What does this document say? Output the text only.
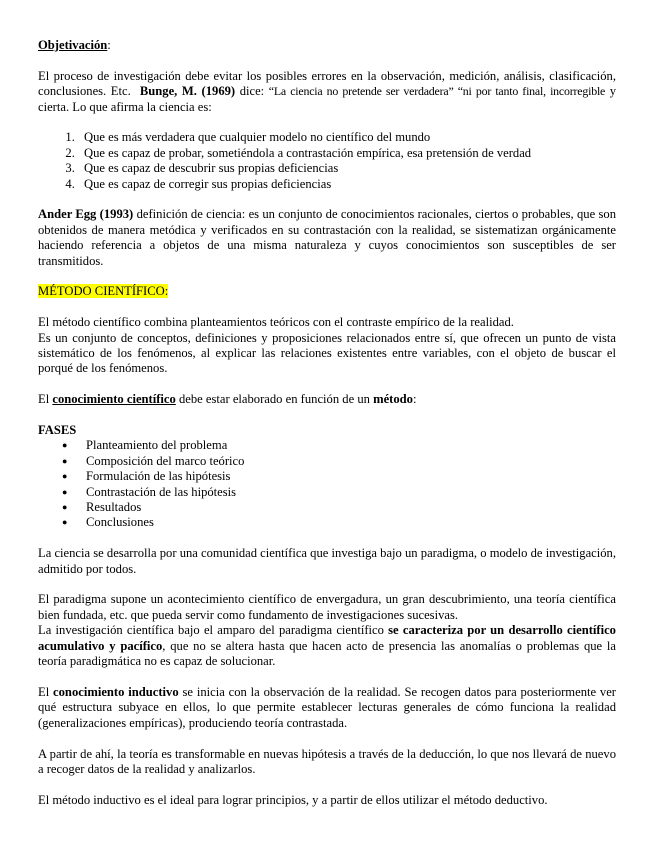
Objetivación:

El proceso de investigación debe evitar los posibles errores en la observación, medición, análisis, clasificación, conclusiones. Etc. Bunge, M. (1969) dice: “La ciencia no pretende ser verdadera” “ni por tanto final, incorregible y cierta. Lo que afirma la ciencia es:

1. Que es más verdadera que cualquier modelo no científico del mundo
2. Que es capaz de probar, sometiéndola a contrastación empírica, esa pretensión de verdad
3. Que es capaz de descubrir sus propias deficiencias
4. Que es capaz de corregir sus propias deficiencias

Ander Egg (1993) definición de ciencia: es un conjunto de conocimientos racionales, ciertos o probables, que son obtenidos de manera metódica y verificados en su contrastación con la realidad, se sistematizan orgánicamente haciendo referencia a objetos de una misma naturaleza y cuyos conocimientos son susceptibles de ser transmitidos.

MÉTODO CIENTÍFICO:

El método científico combina planteamientos teóricos con el contraste empírico de la realidad.
Es un conjunto de conceptos, definiciones y proposiciones relacionados entre sí, que ofrecen un punto de vista sistemático de los fenómenos, al explicar las relaciones existentes entre variables, con el objeto de buscar el porqué de los fenómenos.

El conocimiento científico debe estar elaborado en función de un método:

FASES

● Planteamiento del problema
● Composición del marco teórico
● Formulación de las hipótesis
● Contrastación de las hipótesis
● Resultados
● Conclusiones

La ciencia se desarrolla por una comunidad científica que investiga bajo un paradigma, o modelo de investigación, admitido por todos.

El paradigma supone un acontecimiento científico de envergadura, un gran descubrimiento, una teoría científica bien fundada, etc. que pueda servir como fundamento de investigaciones sucesivas.
La investigación científica bajo el amparo del paradigma científico se caracteriza por un desarrollo científico acumulativo y pacífico, que no se altera hasta que hacen acto de presencia las anomalías o problemas que la teoría paradigmática no es capaz de solucionar.

El conocimiento inductivo se inicia con la observación de la realidad. Se recogen datos para posteriormente ver qué estructura subyace en ellos, lo que permite establecer lecturas generales de cómo funciona la realidad (generalizaciones empíricas), produciendo teoría contrastada.

A partir de ahí, la teoría es transformable en nuevas hipótesis a través de la deducción, lo que nos llevará de nuevo a recoger datos de la realidad y analizarlos.

El método inductivo es el ideal para lograr principios, y a partir de ellos utilizar el método deductivo.
